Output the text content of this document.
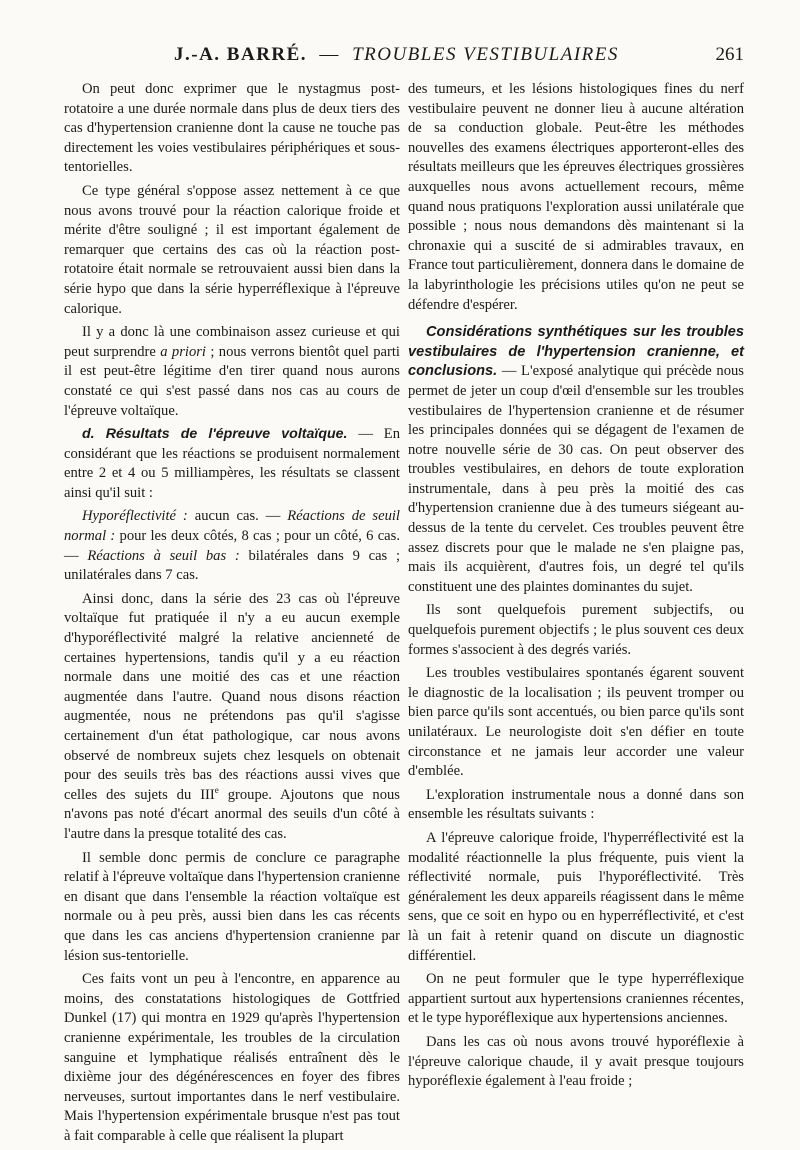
J.-A. BARRÉ. — TROUBLES VESTIBULAIRES	261

On peut donc exprimer que le nystagmus post-rotatoire a une durée normale dans plus de deux tiers des cas d'hypertension cranienne dont la cause ne touche pas directement les voies vestibulaires périphériques et sous-tentorielles.

Ce type général s'oppose assez nettement à ce que nous avons trouvé pour la réaction calorique froide et mérite d'être souligné ; il est important également de remarquer que certains des cas où la réaction post-rotatoire était normale se retrouvaient aussi bien dans la série hypo que dans la série hyperréflexique à l'épreuve calorique.

Il y a donc là une combinaison assez curieuse et qui peut surprendre a priori ; nous verrons bientôt quel parti il est peut-être légitime d'en tirer quand nous aurons constaté ce qui s'est passé dans nos cas au cours de l'épreuve voltaïque.

d. Résultats de l'épreuve voltaïque. — En considérant que les réactions se produisent normalement entre 2 et 4 ou 5 milliampères, les résultats se classent ainsi qu'il suit :

Hyporéflectivité : aucun cas. — Réactions de seuil normal : pour les deux côtés, 8 cas ; pour un côté, 6 cas. — Réactions à seuil bas : bilatérales dans 9 cas ; unilatérales dans 7 cas.

Ainsi donc, dans la série des 23 cas où l'épreuve voltaïque fut pratiquée il n'y a eu aucun exemple d'hyporéflectivité malgré la relative ancienneté de certaines hypertensions, tandis qu'il y a eu réaction normale dans une moitié des cas et une réaction augmentée dans l'autre. Quand nous disons réaction augmentée, nous ne prétendons pas qu'il s'agisse certainement d'un état pathologique, car nous avons observé de nombreux sujets chez lesquels on obtenait pour des seuils très bas des réactions aussi vives que celles des sujets du IIIe groupe. Ajoutons que nous n'avons pas noté d'écart anormal des seuils d'un côté à l'autre dans la presque totalité des cas.

Il semble donc permis de conclure ce paragraphe relatif à l'épreuve voltaïque dans l'hypertension cranienne en disant que dans l'ensemble la réaction voltaïque est normale ou à peu près, aussi bien dans les cas récents que dans les cas anciens d'hypertension cranienne par lésion sus-tentorielle.

Ces faits vont un peu à l'encontre, en apparence au moins, des constatations histologiques de Gottfried Dunkel (17) qui montra en 1929 qu'après l'hypertension cranienne expérimentale, les troubles de la circulation sanguine et lymphatique réalisés entraînent dès le dixième jour des dégénérescences en foyer des fibres nerveuses, surtout importantes dans le nerf vestibulaire. Mais l'hypertension expérimentale brusque n'est pas tout à fait comparable à celle que réalisent la plupart

des tumeurs, et les lésions histologiques fines du nerf vestibulaire peuvent ne donner lieu à aucune altération de sa conduction globale. Peut-être les méthodes nouvelles des examens électriques apporteront-elles des résultats meilleurs que les épreuves électriques grossières auxquelles nous avons actuellement recours, même quand nous pratiquons l'exploration aussi unilatérale que possible ; nous nous demandons dès maintenant si la chronaxie qui a suscité de si admirables travaux, en France tout particulièrement, donnera dans le domaine de la labyrinthologie les précisions utiles qu'on ne peut se défendre d'espérer.

Considérations synthétiques sur les troubles vestibulaires de l'hypertension cranienne, et conclusions. — L'exposé analytique qui précède nous permet de jeter un coup d'œil d'ensemble sur les troubles vestibulaires de l'hypertension cranienne et de résumer les principales données qui se dégagent de l'examen de notre nouvelle série de 30 cas. On peut observer des troubles vestibulaires, en dehors de toute exploration instrumentale, dans à peu près la moitié des cas d'hypertension cranienne due à des tumeurs siégeant au-dessus de la tente du cervelet. Ces troubles peuvent être assez discrets pour que le malade ne s'en plaigne pas, mais ils acquièrent, d'autres fois, un degré tel qu'ils constituent une des plaintes dominantes du sujet.

Ils sont quelquefois purement subjectifs, ou quelquefois purement objectifs ; le plus souvent ces deux formes s'associent à des degrés variés.

Les troubles vestibulaires spontanés égarent souvent le diagnostic de la localisation ; ils peuvent tromper ou bien parce qu'ils sont accentués, ou bien parce qu'ils sont unilatéraux. Le neurologiste doit s'en défier en toute circonstance et ne jamais leur accorder une valeur d'emblée.

L'exploration instrumentale nous a donné dans son ensemble les résultats suivants :

A l'épreuve calorique froide, l'hyperréflectivité est la modalité réactionnelle la plus fréquente, puis vient la réflectivité normale, puis l'hyporéflectivité. Très généralement les deux appareils réagissent dans le même sens, que ce soit en hypo ou en hyperréflectivité, et c'est là un fait à retenir quand on discute un diagnostic différentiel.

On ne peut formuler que le type hyperréflexique appartient surtout aux hypertensions craniennes récentes, et le type hyporéflexique aux hypertensions anciennes.

Dans les cas où nous avons trouvé hyporéflexie à l'épreuve calorique chaude, il y avait presque toujours hyporéflexie également à l'eau froide ;
